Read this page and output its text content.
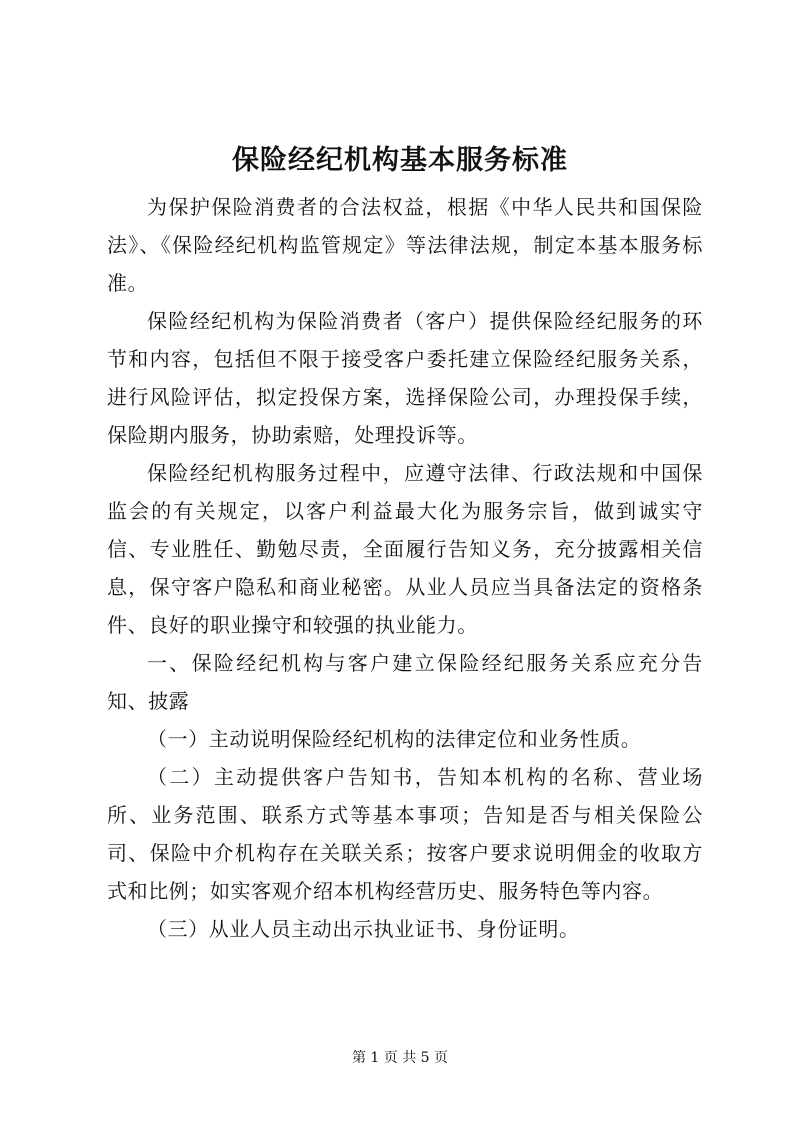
保险经纪机构基本服务标准

为保护保险消费者的合法权益，根据《中华人民共和国保险法》、《保险经纪机构监管规定》等法律法规，制定本基本服务标准。

保险经纪机构为保险消费者（客户）提供保险经纪服务的环节和内容，包括但不限于接受客户委托建立保险经纪服务关系，进行风险评估，拟定投保方案，选择保险公司，办理投保手续，保险期内服务，协助索赔，处理投诉等。

保险经纪机构服务过程中，应遵守法律、行政法规和中国保监会的有关规定，以客户利益最大化为服务宗旨，做到诚实守信、专业胜任、勤勉尽责，全面履行告知义务，充分披露相关信息，保守客户隐私和商业秘密。从业人员应当具备法定的资格条件、良好的职业操守和较强的执业能力。

一、保险经纪机构与客户建立保险经纪服务关系应充分告知、披露

（一）主动说明保险经纪机构的法律定位和业务性质。

（二）主动提供客户告知书，告知本机构的名称、营业场所、业务范围、联系方式等基本事项；告知是否与相关保险公司、保险中介机构存在关联关系；按客户要求说明佣金的收取方式和比例；如实客观介绍本机构经营历史、服务特色等内容。

（三）从业人员主动出示执业证书、身份证明。

第 1 页 共 5 页
